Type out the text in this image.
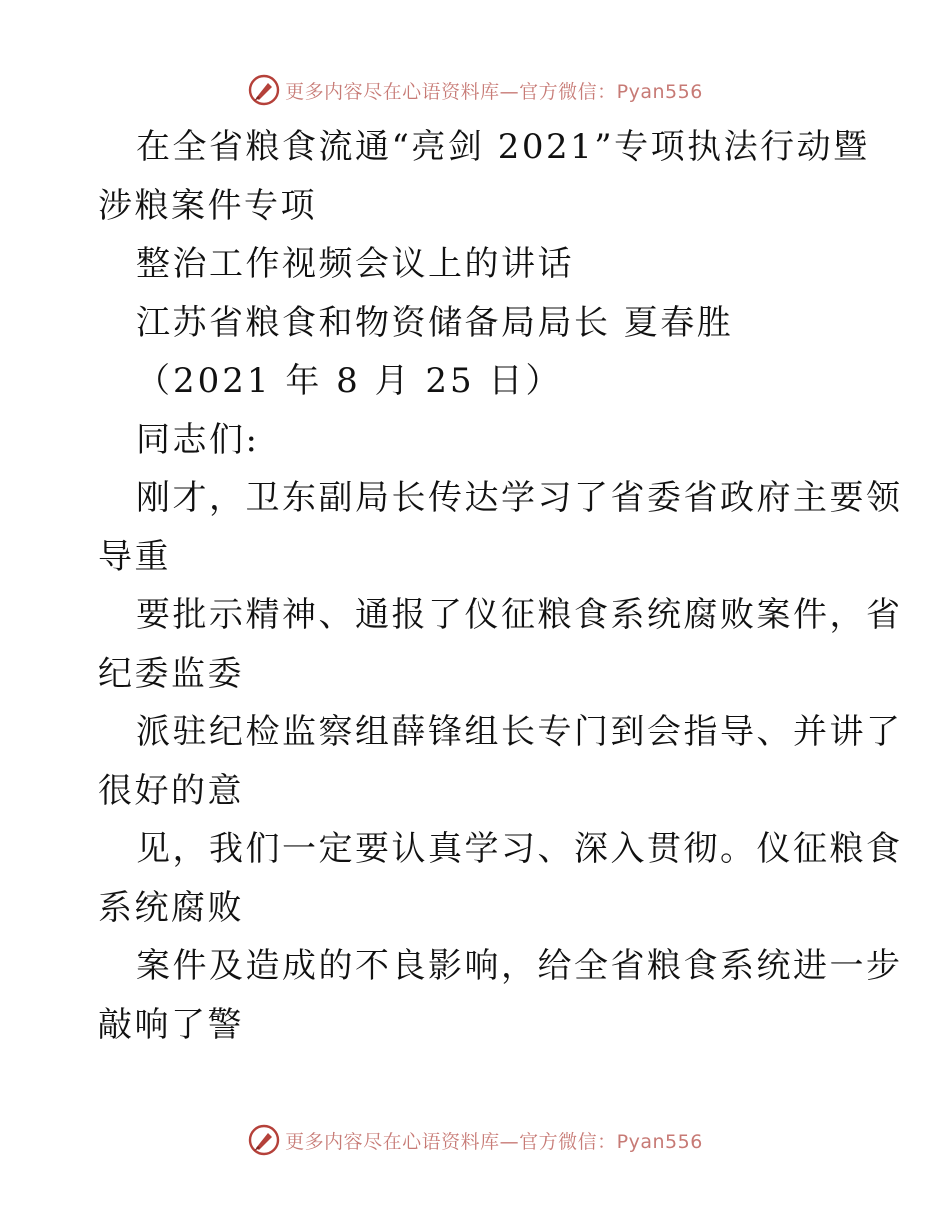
更多内容尽在心语资料库—官方微信：Pyan556
在全省粮食流通“亮剑 2021”专项执法行动暨
涉粮案件专项
整治工作视频会议上的讲话
江苏省粮食和物资储备局局长 夏春胜
（2021 年 8 月 25 日）
同志们:
刚才，卫东副局长传达学习了省委省政府主要领
导重
要批示精神、通报了仪征粮食系统腐败案件，省
纪委监委
派驻纪检监察组薛锋组长专门到会指导、并讲了
很好的意
见，我们一定要认真学习、深入贯彻。仪征粮食
系统腐败
案件及造成的不良影响，给全省粮食系统进一步
敲响了警
更多内容尽在心语资料库—官方微信：Pyan556
